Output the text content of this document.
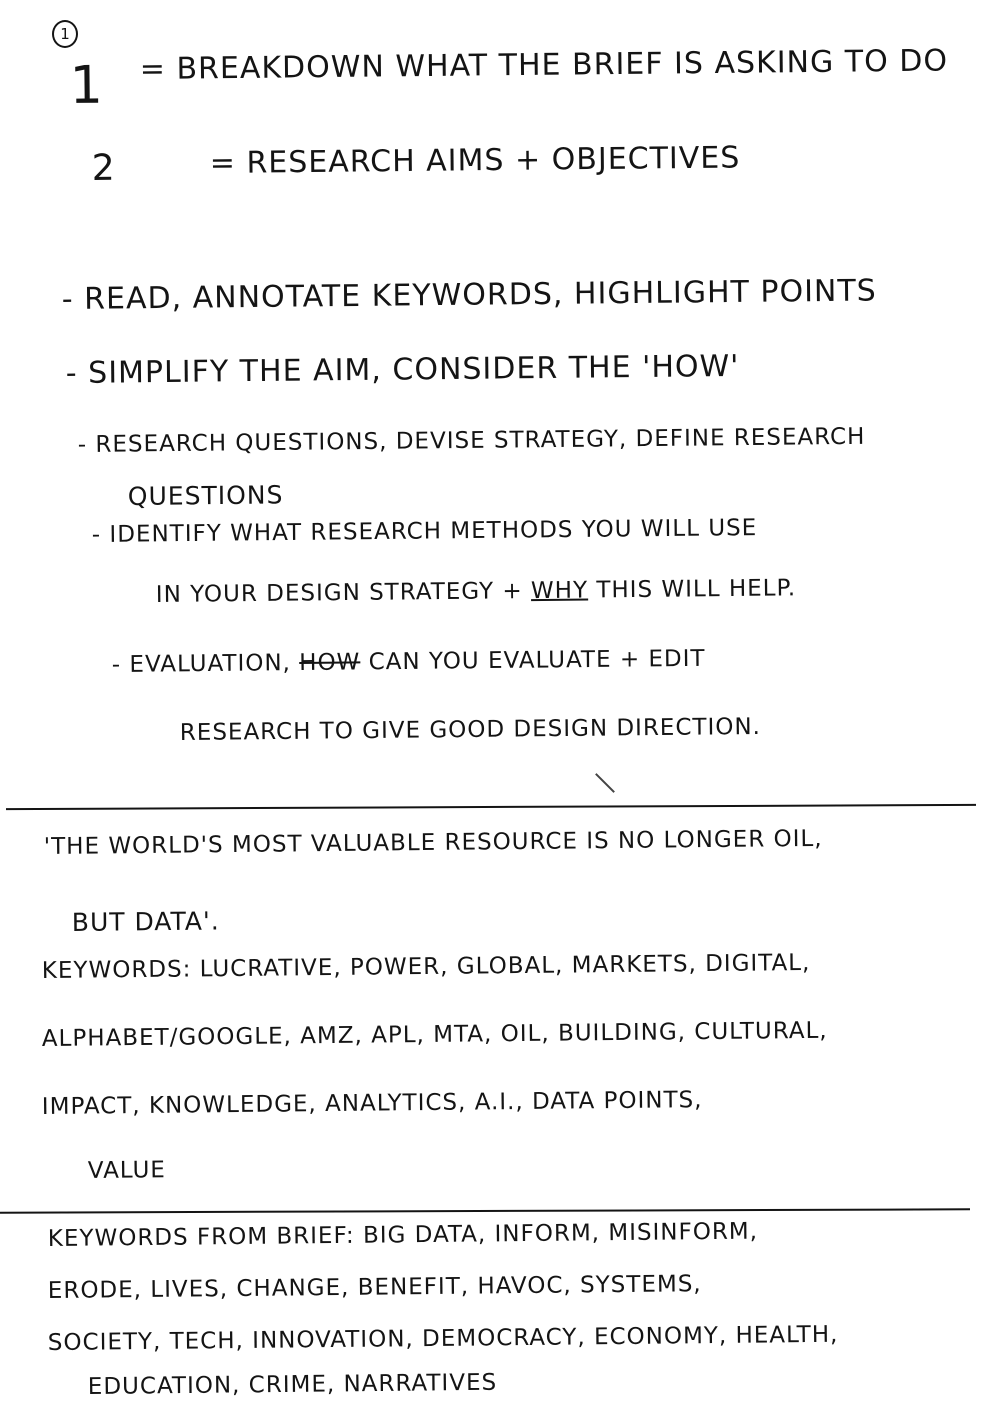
1
1 = BREAKDOWN WHAT THE BRIEF IS ASKING TO DO
2	= RESEARCH AIMS + OBJECTIVES
- READ, ANNOTATE KEYWORDS, HIGHLIGHT POINTS
- SIMPLIFY THE AIM, CONSIDER THE 'HOW'
- RESEARCH QUESTIONS, DEVISE STRATEGY, DEFINE RESEARCH
QUESTIONS
- IDENTIFY WHAT RESEARCH METHODS YOU WILL USE
IN YOUR DESIGN STRATEGY + WHY THIS WILL HELP.
- EVALUATION, HOW CAN YOU EVALUATE + EDIT
RESEARCH TO GIVE GOOD DESIGN DIRECTION.
'THE WORLD'S MOST VALUABLE RESOURCE IS NO LONGER OIL,
BUT DATA'.
KEYWORDS: LUCRATIVE, POWER, GLOBAL, MARKETS, DIGITAL,
ALPHABET/GOOGLE, AMZ, APL, MTA, OIL, BUILDING, CULTURAL,
IMPACT, KNOWLEDGE, ANALYTICS, A.I., DATA POINTS,
VALUE
KEYWORDS FROM BRIEF: BIG DATA, INFORM, MISINFORM,
ERODE, LIVES, CHANGE, BENEFIT, HAVOC, SYSTEMS,
SOCIETY, TECH, INNOVATION, DEMOCRACY, ECONOMY, HEALTH,
EDUCATION, CRIME, NARRATIVES
